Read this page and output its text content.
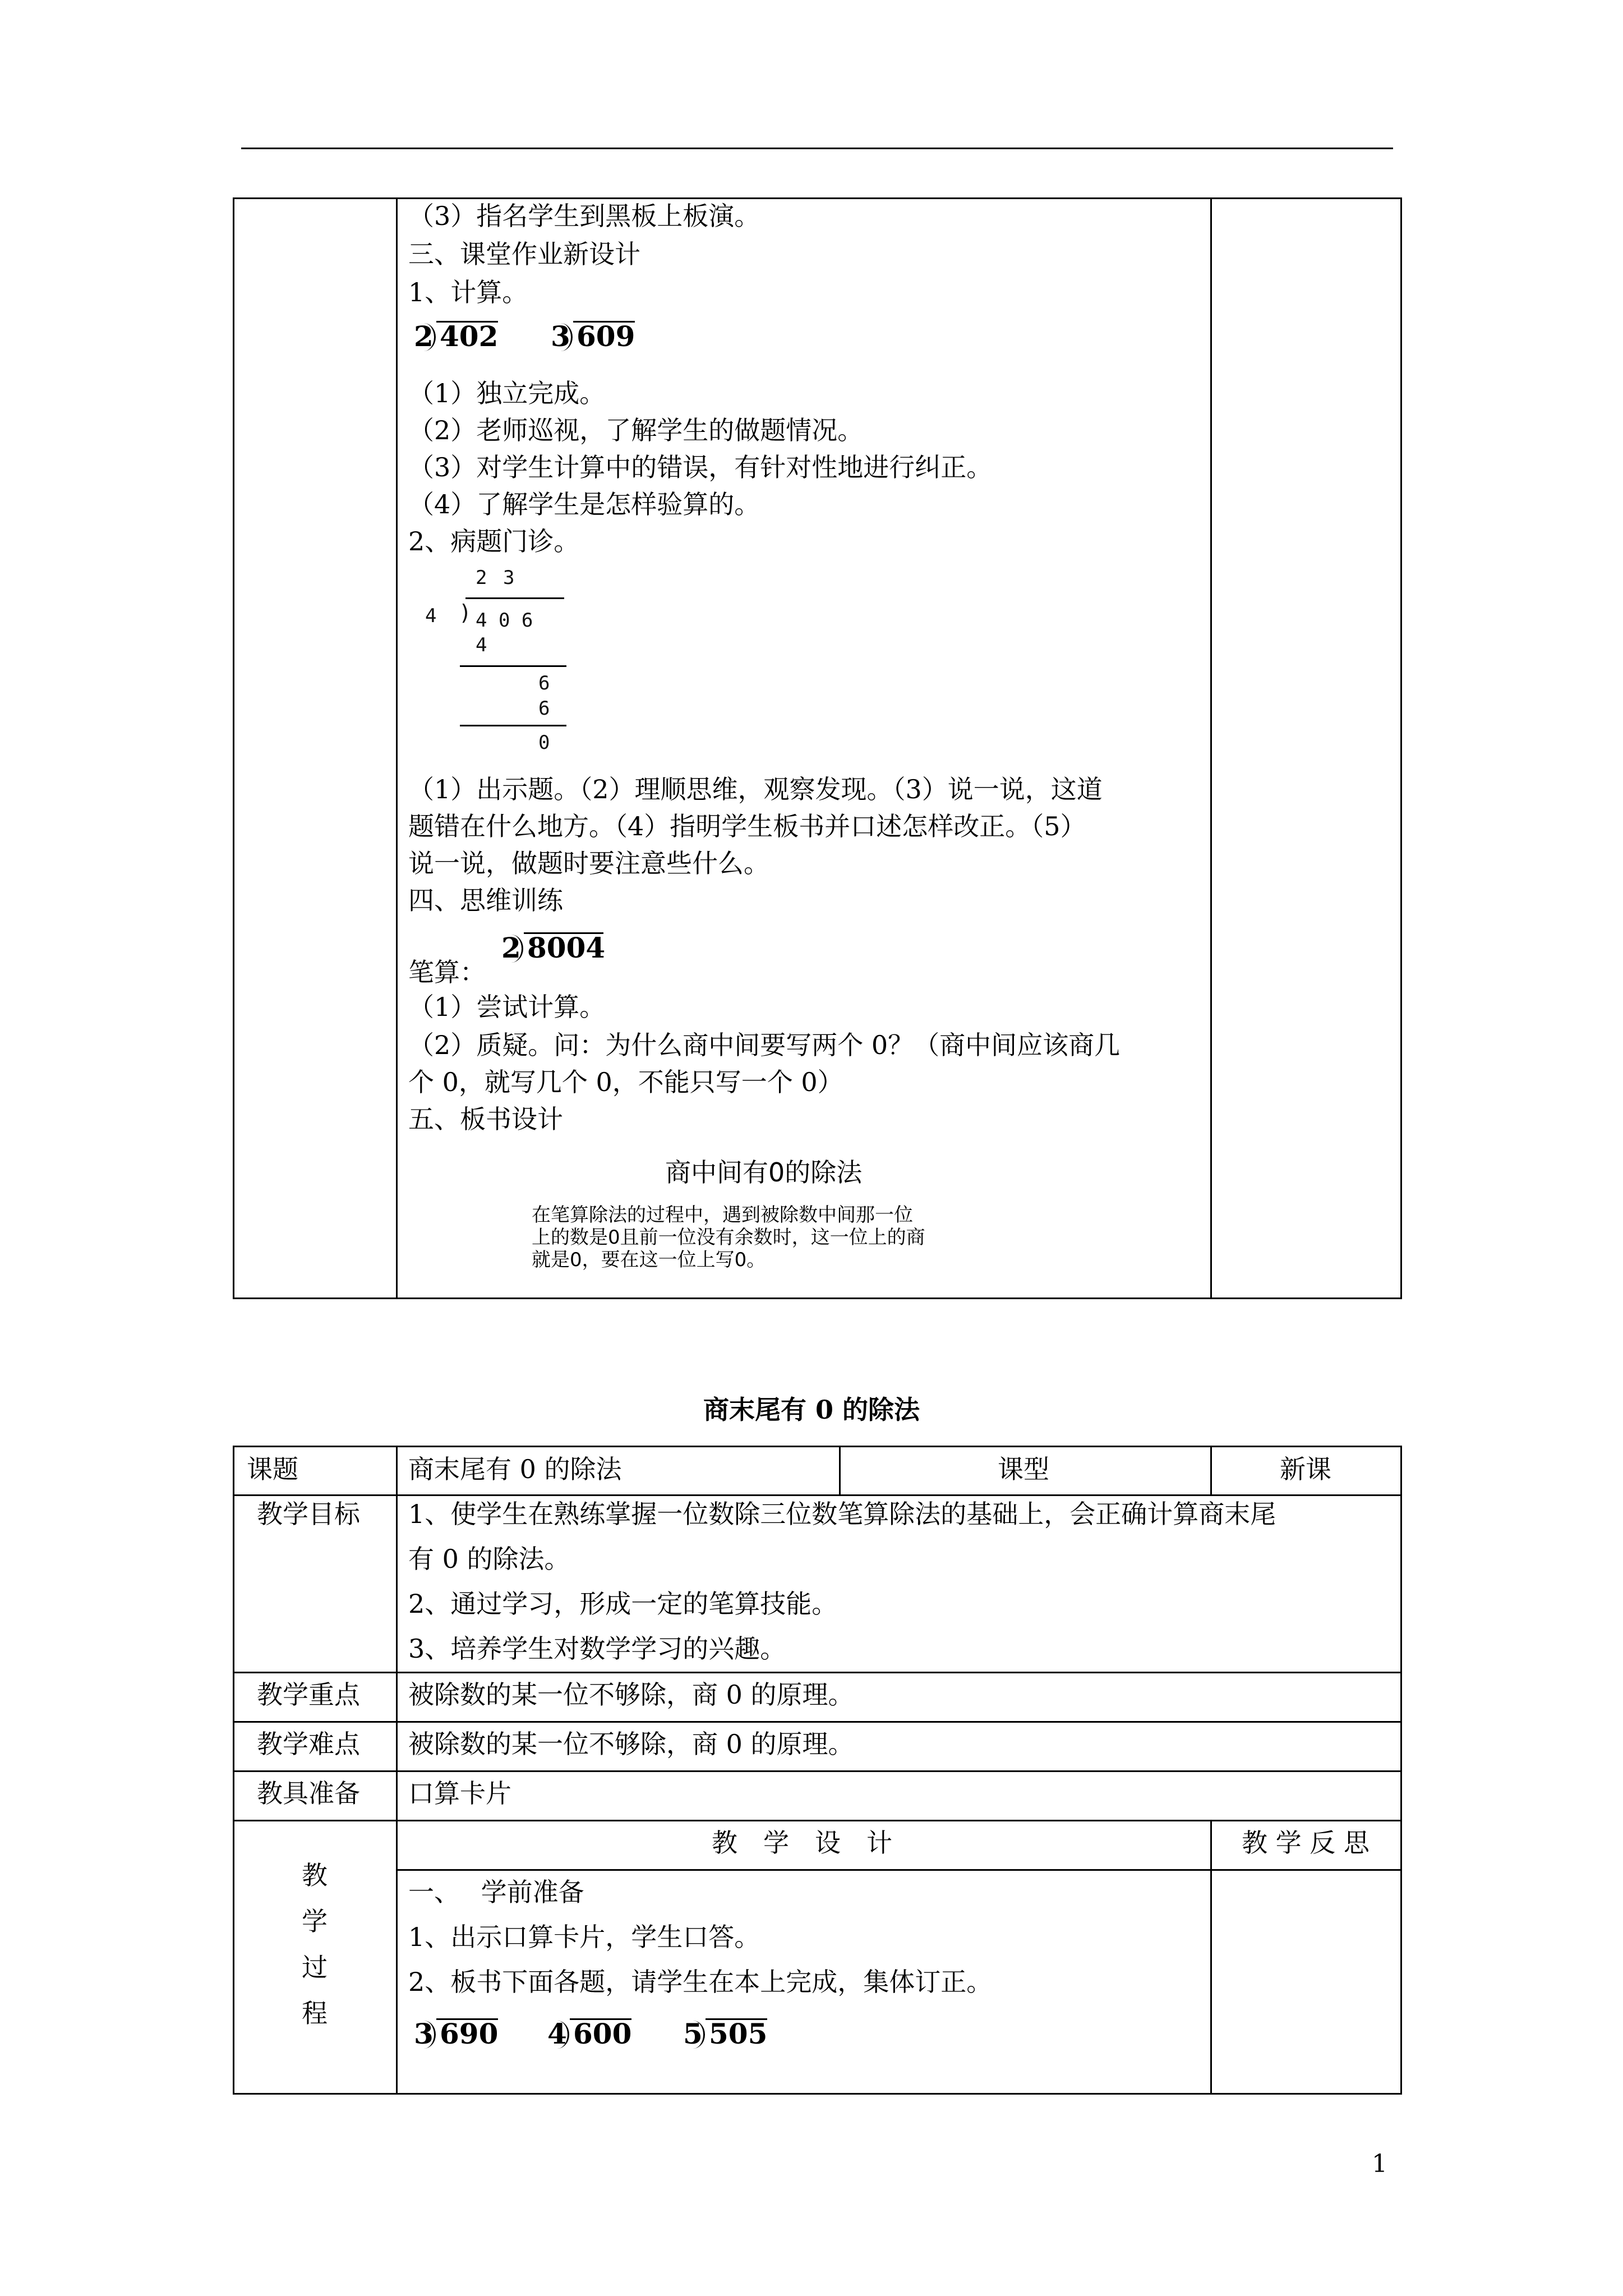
（3）指名学生到黑板上板演。
三、课堂作业新设计
1、计算。
2 402 3 609
（1）独立完成。
（2）老师巡视，了解学生的做题情况。
（3）对学生计算中的错误，有针对性地进行纠正。
（4）了解学生是怎样验算的。
2、病题门诊。
2 3
4 ) 4 0 6
4
6
6
0
（1）出示题。（2）理顺思维，观察发现。（3）说一说，这道
题错在什么地方。（4）指明学生板书并口述怎样改正。（5）
说一说，做题时要注意些什么。
四、思维训练
笔算：
2 8004
（1）尝试计算。
（2）质疑。问：为什么商中间要写两个 0？（商中间应该商几
个 0，就写几个 0，不能只写一个 0）
五、板书设计
商中间有0的除法
在笔算除法的过程中，遇到被除数中间那一位
上的数是0且前一位没有余数时，这一位上的商
就是0，要在这一位上写0。
商末尾有 0 的除法
课题	商末尾有 0 的除法	课型	新课
教学目标 1、使学生在熟练掌握一位数除三位数笔算除法的基础上，会正确计算商末尾
有 0 的除法。
2、通过学习，形成一定的笔算技能。
3、培养学生对数学学习的兴趣。
教学重点 被除数的某一位不够除，商 0 的原理。
教学难点 被除数的某一位不够除，商 0 的原理。
教具准备 口算卡片
教　学　设　计	教 学 反 思
教
学
过
程
一、　 学前准备
1、出示口算卡片，学生口答。
2、板书下面各题，请学生在本上完成，集体订正。
3 690 4 600 5 505
1
